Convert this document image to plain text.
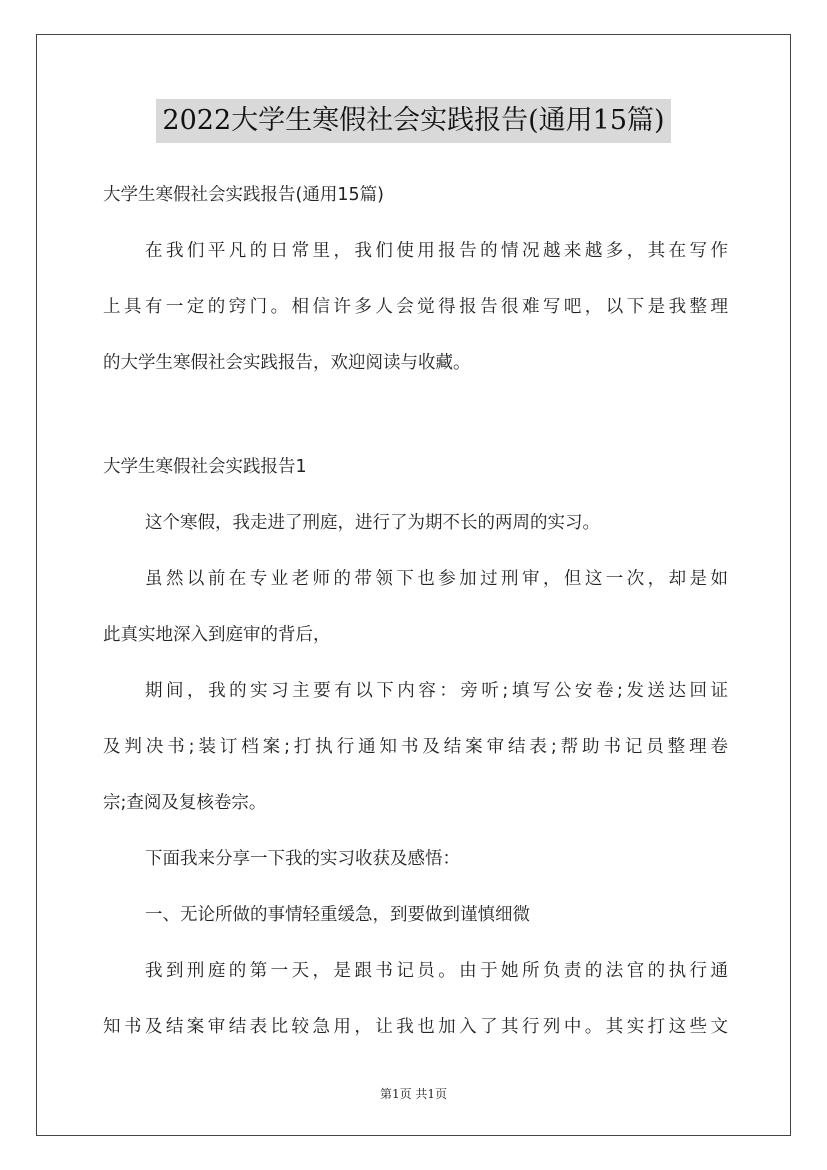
2022大学生寒假社会实践报告(通用15篇)
大学生寒假社会实践报告(通用15篇)
在我们平凡的日常里，我们使用报告的情况越来越多，其在写作
上具有一定的窍门。相信许多人会觉得报告很难写吧，以下是我整理
的大学生寒假社会实践报告，欢迎阅读与收藏。
大学生寒假社会实践报告1
这个寒假，我走进了刑庭，进行了为期不长的两周的实习。
虽然以前在专业老师的带领下也参加过刑审，但这一次，却是如
此真实地深入到庭审的背后，
期间，我的实习主要有以下内容：旁听;填写公安卷;发送达回证
及判决书;装订档案;打执行通知书及结案审结表;帮助书记员整理卷
宗;查阅及复核卷宗。
下面我来分享一下我的实习收获及感悟：
一、无论所做的事情轻重缓急，到要做到谨慎细微
我到刑庭的第一天，是跟书记员。由于她所负责的法官的执行通
知书及结案审结表比较急用，让我也加入了其行列中。其实打这些文
第1页 共1页
